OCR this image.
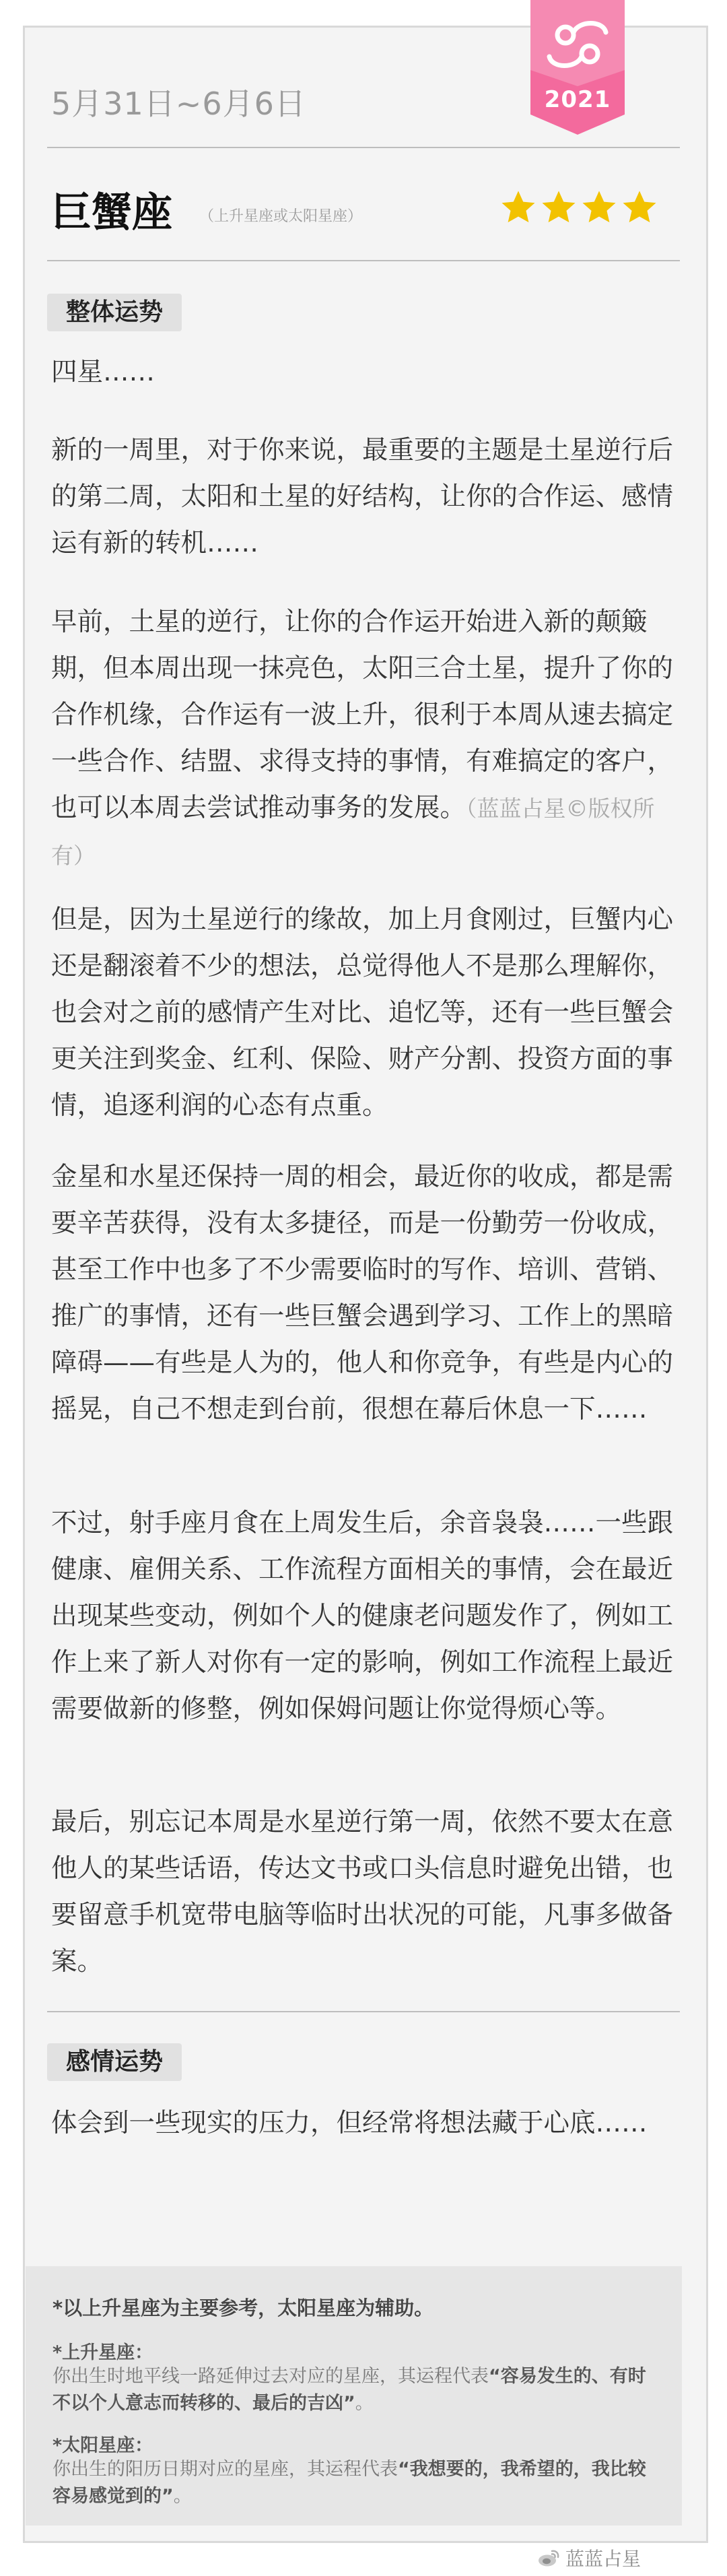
2021
5月31日~6月6日
巨蟹座 （上升星座或太阳星座）
整体运势
四星……
新的一周里，对于你来说，最重要的主题是土星逆行后的第二周，太阳和土星的好结构，让你的合作运、感情运有新的转机……
早前，土星的逆行，让你的合作运开始进入新的颠簸期，但本周出现一抹亮色，太阳三合土星，提升了你的合作机缘，合作运有一波上升，很利于本周从速去搞定一些合作、结盟、求得支持的事情，有难搞定的客户，也可以本周去尝试推动事务的发展。（蓝蓝占星©版权所有）
但是，因为土星逆行的缘故，加上月食刚过，巨蟹内心还是翻滚着不少的想法，总觉得他人不是那么理解你，也会对之前的感情产生对比、追忆等，还有一些巨蟹会更关注到奖金、红利、保险、财产分割、投资方面的事情，追逐利润的心态有点重。
金星和水星还保持一周的相会，最近你的收成，都是需要辛苦获得，没有太多捷径，而是一份勤劳一份收成，甚至工作中也多了不少需要临时的写作、培训、营销、推广的事情，还有一些巨蟹会遇到学习、工作上的黑暗障碍——有些是人为的，他人和你竞争，有些是内心的摇晃，自己不想走到台前，很想在幕后休息一下……
不过，射手座月食在上周发生后，余音袅袅……一些跟健康、雇佣关系、工作流程方面相关的事情，会在最近出现某些变动，例如个人的健康老问题发作了，例如工作上来了新人对你有一定的影响，例如工作流程上最近需要做新的修整，例如保姆问题让你觉得烦心等。
最后，别忘记本周是水星逆行第一周，依然不要太在意他人的某些话语，传达文书或口头信息时避免出错，也要留意手机宽带电脑等临时出状况的可能，凡事多做备案。
感情运势
体会到一些现实的压力，但经常将想法藏于心底……
*以上升星座为主要参考，太阳星座为辅助。
*上升星座：
你出生时地平线一路延伸过去对应的星座，其运程代表“容易发生的、有时不以个人意志而转移的、最后的吉凶”。
*太阳星座：
你出生的阳历日期对应的星座，其运程代表“我想要的，我希望的，我比较容易感觉到的”。
蓝蓝占星
